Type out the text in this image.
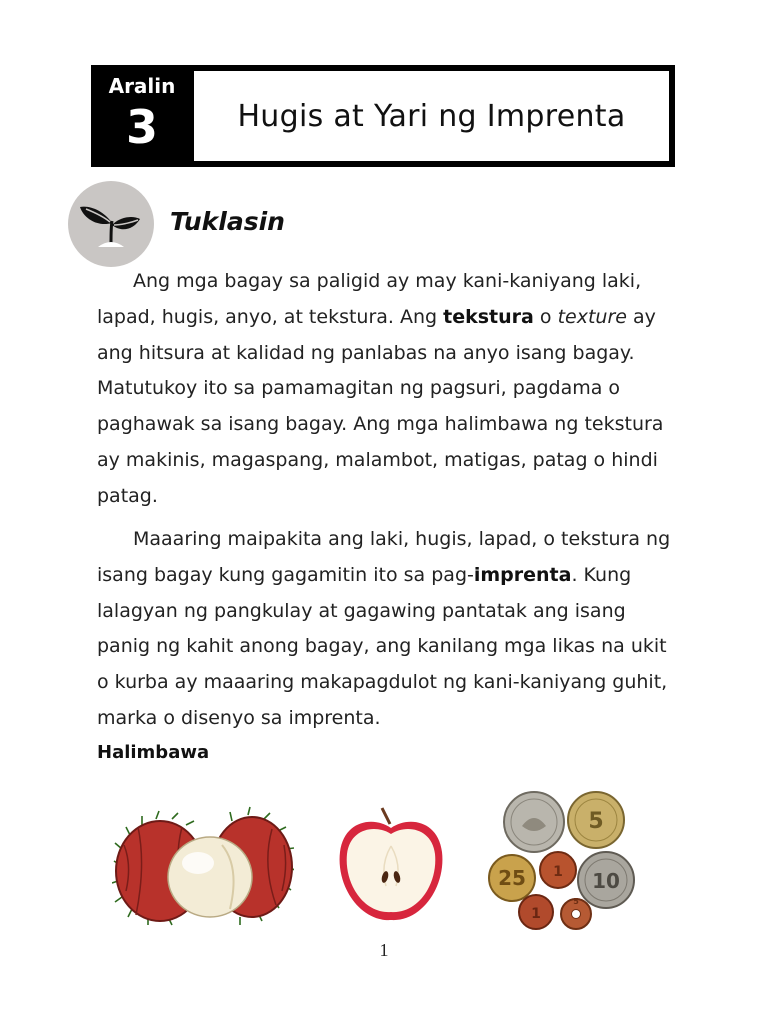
Aralin
3	Hugis at Yari ng Imprenta
Tuklasin

Ang mga bagay sa paligid ay may kani-kaniyang laki, lapad, hugis, anyo, at tekstura. Ang tekstura o texture ay ang hitsura at kalidad ng panlabas na anyo isang bagay. Matutukoy ito sa pamamagitan ng pagsuri, pagdama o paghawak sa isang bagay. Ang mga halimbawa ng tekstura ay makinis, magaspang, malambot, matigas, patag o hindi patag.

Maaaring maipakita ang laki, hugis, lapad, o tekstura ng isang bagay kung gagamitin ito sa pag-imprenta. Kung lalagyan ng pangkulay at gagawing pantatak ang isang panig ng kahit anong bagay, ang kanilang mga likas na ukit o kurba ay maaaring makapagdulot ng kani-kaniyang guhit, marka o disenyo sa imprenta.

Halimbawa
5
1
25	10
1
5
1
